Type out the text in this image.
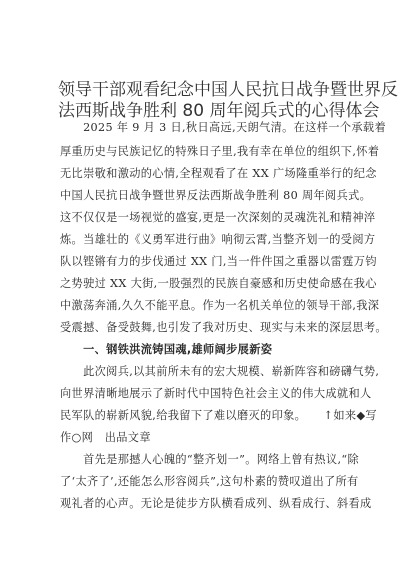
领导干部观看纪念中国人民抗日战争暨世界反
法西斯战争胜利 80 周年阅兵式的心得体会
　　2025 年 9 月 3 日,秋日高远,天朗气清。在这样一个承载着
厚重历史与民族记忆的特殊日子里,我有幸在单位的组织下,怀着
无比崇敬和激动的心情,全程观看了在 XX 广场隆重举行的纪念
中国人民抗日战争暨世界反法西斯战争胜利 80 周年阅兵式。
这不仅仅是一场视觉的盛宴,更是一次深刻的灵魂洗礼和精神淬
炼。当雄壮的《义勇军进行曲》响彻云霄,当整齐划一的受阅方
队以铿锵有力的步伐通过 XX 门,当一件件国之重器以雷霆万钧
之势驶过 XX 大街,一股强烈的民族自豪感和历史使命感在我心
中激荡奔涌,久久不能平息。作为一名机关单位的领导干部,我深
受震撼、备受鼓舞,也引发了我对历史、现实与未来的深层思考。
　　一、钢铁洪流铸国魂,雄师阔步展新姿
　　此次阅兵,以其前所未有的宏大规模、崭新阵容和磅礴气势,
向世界清晰地展示了新时代中国特色社会主义的伟大成就和人
民军队的崭新风貌,给我留下了难以磨灭的印象。　　↑如来◆写
作○网　出品文章
　　首先是那撼人心魄的“整齐划一”。网络上曾有热议,“除
了‘太齐了’,还能怎么形容阅兵”,这句朴素的赞叹道出了所有
观礼者的心声。无论是徒步方队横看成列、纵看成行、斜看成
